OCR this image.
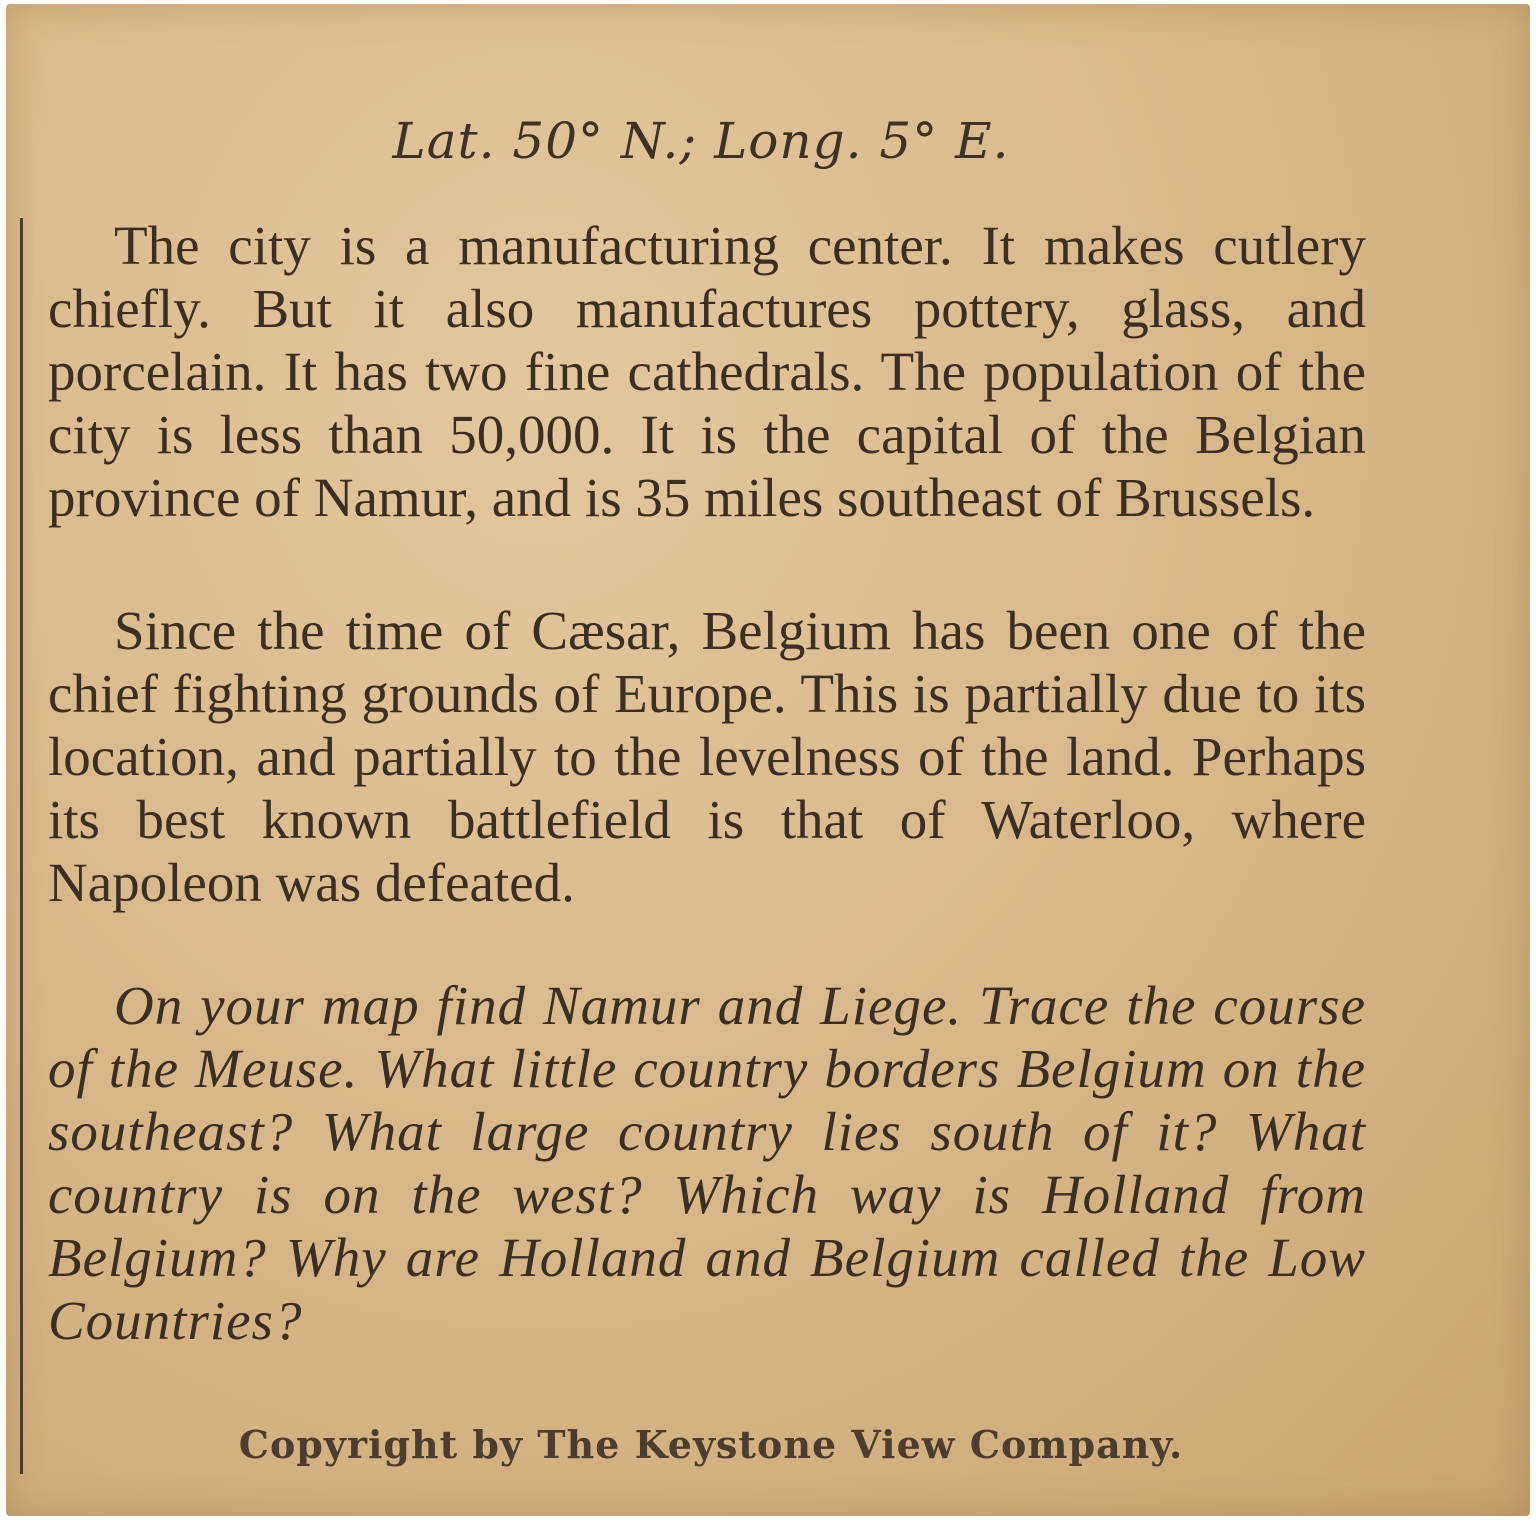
Lat. 50° N.; Long. 5° E.

The city is a manufacturing center. It makes cutlery chiefly. But it also manufactures pottery, glass, and porcelain. It has two fine cathedrals. The population of the city is less than 50,000. It is the capital of the Belgian province of Namur, and is 35 miles southeast of Brussels.

Since the time of Cæsar, Belgium has been one of the chief fighting grounds of Europe. This is partially due to its location, and partially to the levelness of the land. Perhaps its best known battlefield is that of Waterloo, where Napoleon was defeated.

On your map find Namur and Liege. Trace the course of the Meuse. What little country borders Belgium on the southeast? What large country lies south of it? What country is on the west? Which way is Holland from Belgium? Why are Holland and Belgium called the Low Countries?

Copyright by The Keystone View Company.
